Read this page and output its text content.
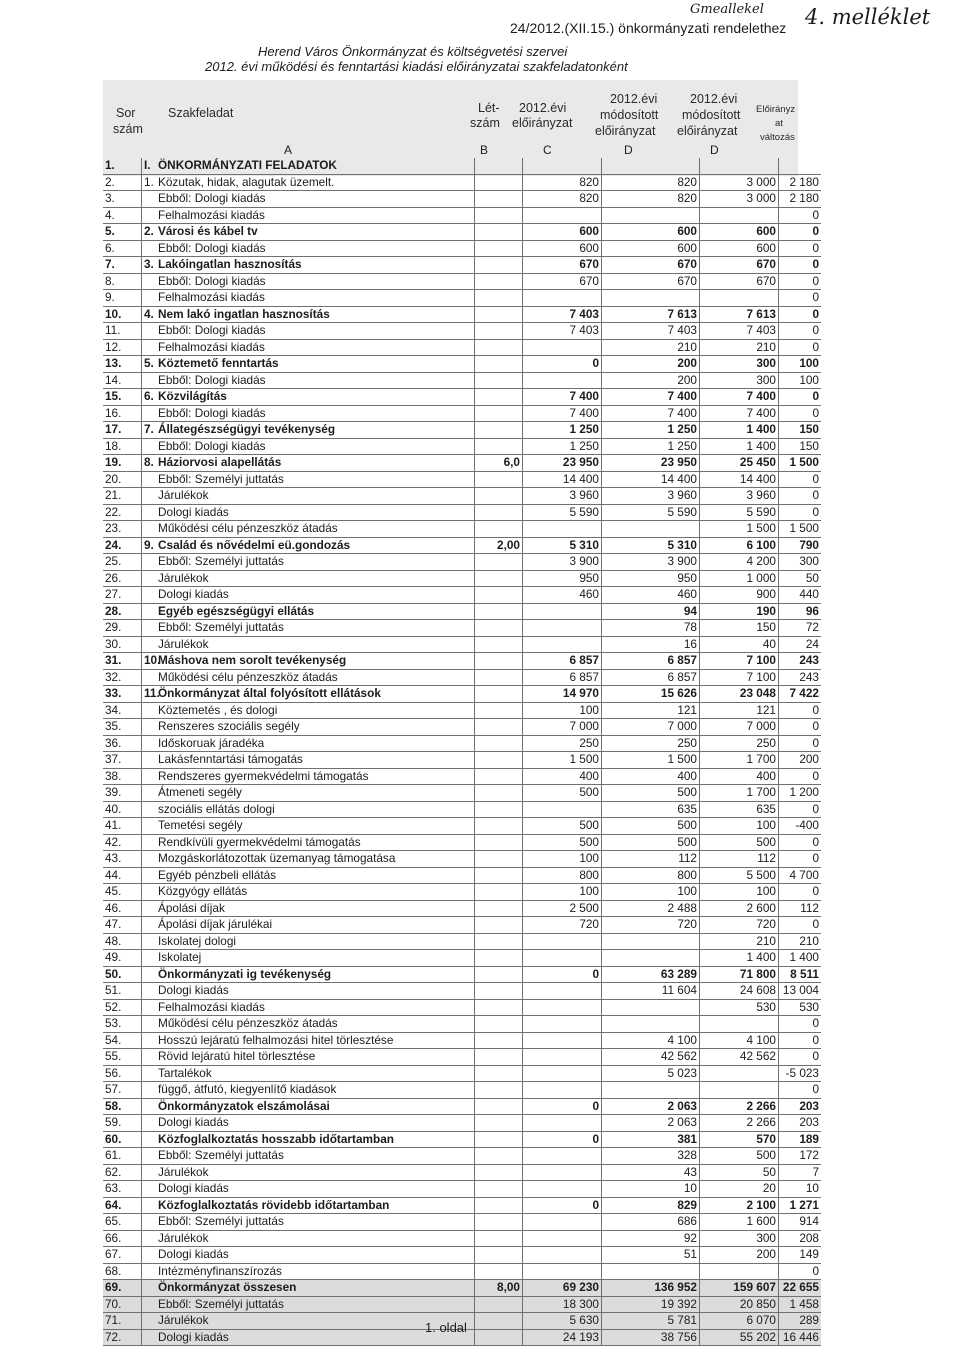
Gmeallekel 4. melléklet
24/2012.(XII.15.) önkormányzati rendelethez
Herend Város Önkormányzat és költségvetési szervei
2012. évi működési és fenntartási kiadási előirányzatai szakfeladatonként
Sor
szám
Szakfeladat	Lét-
szám
2012.évi
előirányzat
2012.évi
módosított
előirányzat
2012.évi
módosított
előirányzat
Előirányz
at
változás
A	B	C	D	D
1.	I. ÖNKORMÁNYZATI FELADATOK					
2.	1. Közutak, hidak, alagutak üzemelt.		820	820	3 000	2 180
3.	Ebből: Dologi kiadás		820	820	3 000	2 180
4.	Felhalmozási kiadás					0
5.	2. Városi és kábel tv		600	600	600	0
6.	Ebből: Dologi kiadás		600	600	600	0
7.	3. Lakóingatlan hasznosítás		670	670	670	0
8.	Ebből: Dologi kiadás		670	670	670	0
9.	Felhalmozási kiadás					0
10.	4. Nem lakó ingatlan hasznosítás		7 403	7 613	7 613	0
11.	Ebből: Dologi kiadás		7 403	7 403	7 403	0
12.	Felhalmozási kiadás			210	210	0
13.	5. Köztemető fenntartás		0	200	300	100
14.	Ebből: Dologi kiadás			200	300	100
15.	6. Közvilágítás		7 400	7 400	7 400	0
16.	Ebből: Dologi kiadás		7 400	7 400	7 400	0
17.	7. Állategészségügyi tevékenység		1 250	1 250	1 400	150
18.	Ebből: Dologi kiadás		1 250	1 250	1 400	150
19.	8. Háziorvosi alapellátás	6,0	23 950	23 950	25 450	1 500
20.	Ebből: Személyi juttatás		14 400	14 400	14 400	0
21.	Járulékok		3 960	3 960	3 960	0
22.	Dologi kiadás		5 590	5 590	5 590	0
23.	Működési célu pénzeszköz átadás				1 500	1 500
24.	9. Család és nővédelmi eü.gondozás	2,00	5 310	5 310	6 100	790
25.	Ebből: Személyi juttatás		3 900	3 900	4 200	300
26.	Járulékok		950	950	1 000	50
27.	Dologi kiadás		460	460	900	440
28.	Egyéb egészségügyi ellátás			94	190	96
29.	Ebből: Személyi juttatás			78	150	72
30.	Járulékok			16	40	24
31.	10.Máshova nem sorolt tevékenység		6 857	6 857	7 100	243
32.	Működési célu pénzeszköz átadás		6 857	6 857	7 100	243
33.	11.Önkormányzat által folyósított ellátások		14 970	15 626	23 048	7 422
34.	Köztemetés , és dologi		100	121	121	0
35.	Renszeres szociális segély		7 000	7 000	7 000	0
36.	Időskoruak járadéka		250	250	250	0
37.	Lakásfenntartási támogatás		1 500	1 500	1 700	200
38.	Rendszeres gyermekvédelmi támogatás		400	400	400	0
39.	Átmeneti segély		500	500	1 700	1 200
40.	szociális ellátás dologi			635	635	0
41.	Temetési segély		500	500	100	-400
42.	Rendkívüli gyermekvédelmi támogatás		500	500	500	0
43.	Mozgáskorlátozottak üzemanyag támogatása		100	112	112	0
44.	Egyéb pénzbeli ellátás		800	800	5 500	4 700
45.	Közgyógy ellátás		100	100	100	0
46.	Ápolási díjak		2 500	2 488	2 600	112
47.	Ápolási díjak járulékai		720	720	720	0
48.	Iskolatej dologi				210	210
49.	Iskolatej				1 400	1 400
50.	Önkormányzati ig tevékenység		0	63 289	71 800	8 511
51.	Dologi kiadás			11 604	24 608	13 004
52.	Felhalmozási kiadás				530	530
53.	Működési célu pénzeszköz átadás					0
54.	Hosszú lejáratú felhalmozási hitel törlesztése			4 100	4 100	0
55.	Rövid lejáratú hitel törlesztése			42 562	42 562	0
56.	Tartalékok			5 023		-5 023
57.	függő, átfutó, kiegyenlítő kiadások					0
58.	Önkormányzatok elszámolásai		0	2 063	2 266	203
59.	Dologi kiadás			2 063	2 266	203
60.	Közfoglalkoztatás hosszabb időtartamban		0	381	570	189
61.	Ebből: Személyi juttatás			328	500	172
62.	Járulékok			43	50	7
63.	Dologi kiadás			10	20	10
64.	Közfoglalkoztatás rövidebb időtartamban		0	829	2 100	1 271
65.	Ebből: Személyi juttatás			686	1 600	914
66.	Járulékok			92	300	208
67.	Dologi kiadás			51	200	149
68.	Intézményfinanszírozás					0
69.	Önkormányzat összesen	8,00	69 230	136 952	159 607	22 655
70.	Ebből: Személyi juttatás		18 300	19 392	20 850	1 458
71.	Járulékok		5 630	5 781	6 070	289
72.	Dologi kiadás		24 193	38 756	55 202	16 446
1. oldal
